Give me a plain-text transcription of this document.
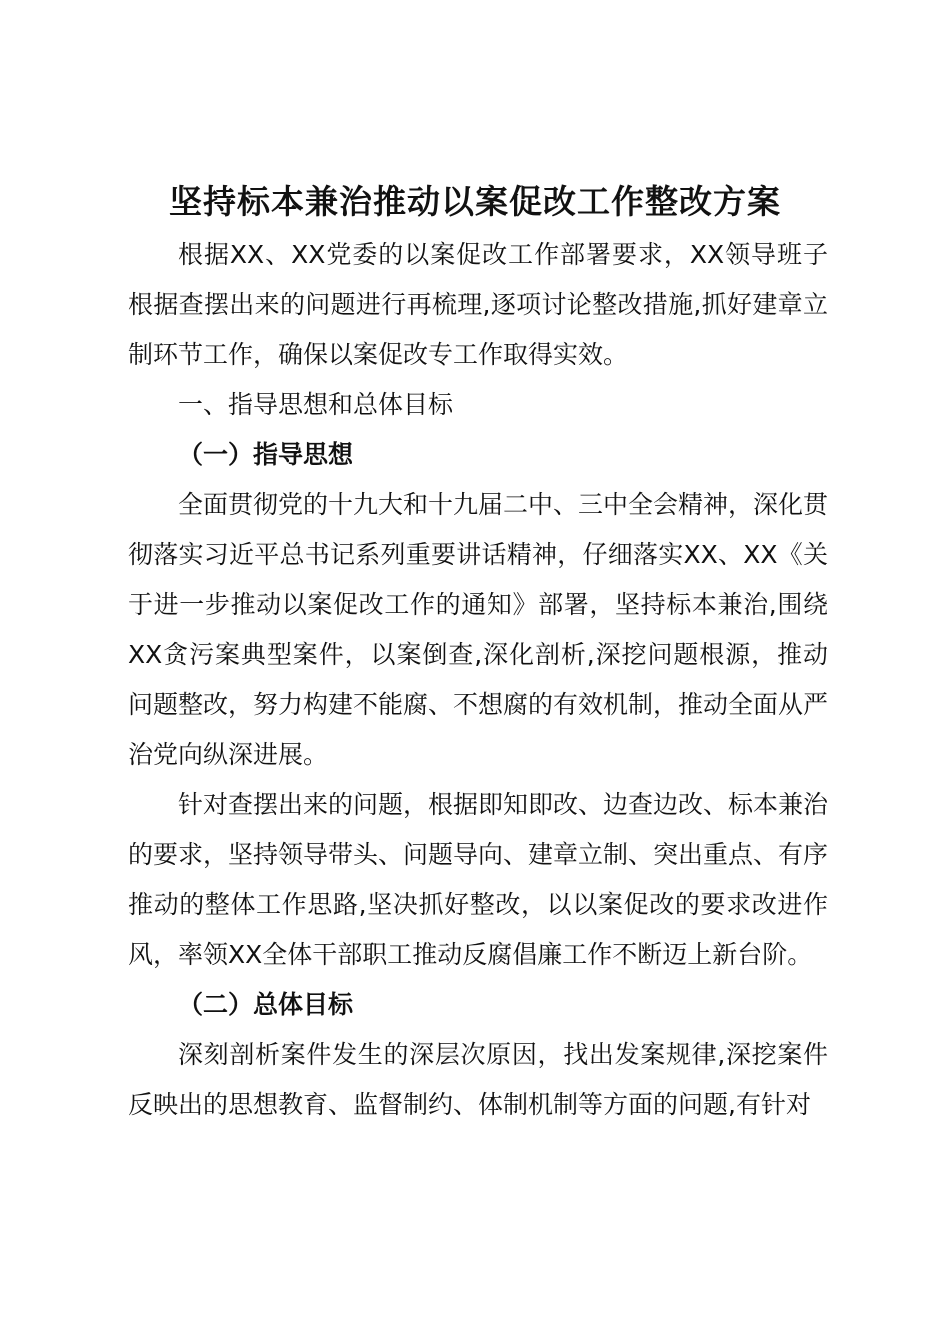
坚持标本兼治推动以案促改工作整改方案

根据XX、XX党委的以案促改工作部署要求，XX领导班子根据查摆出来的问题进行再梳理,逐项讨论整改措施,抓好建章立制环节工作，确保以案促改专工作取得实效。

一、指导思想和总体目标

（一）指导思想

全面贯彻党的十九大和十九届二中、三中全会精神，深化贯彻落实习近平总书记系列重要讲话精神，仔细落实XX、XX《关于进一步推动以案促改工作的通知》部署，坚持标本兼治,围绕XX贪污案典型案件，以案倒查,深化剖析,深挖问题根源，推动问题整改，努力构建不能腐、不想腐的有效机制，推动全面从严治党向纵深进展。

针对查摆出来的问题，根据即知即改、边查边改、标本兼治的要求，坚持领导带头、问题导向、建章立制、突出重点、有序推动的整体工作思路,坚决抓好整改，以以案促改的要求改进作风，率领XX全体干部职工推动反腐倡廉工作不断迈上新台阶。

（二）总体目标

深刻剖析案件发生的深层次原因，找出发案规律,深挖案件反映出的思想教育、监督制约、体制机制等方面的问题,有针对
